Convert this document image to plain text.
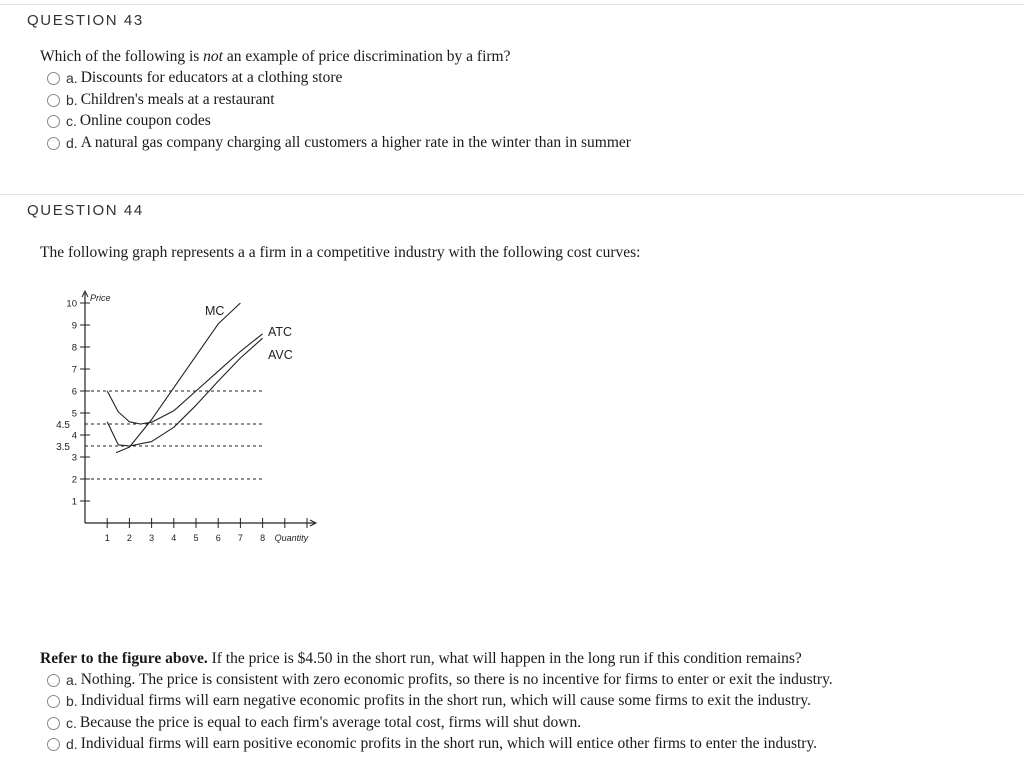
QUESTION 43
Which of the following is not an example of price discrimination by a firm?
a. Discounts for educators at a clothing store
b. Children's meals at a restaurant
c. Online coupon codes
d. A natural gas company charging all customers a higher rate in the winter than in summer
QUESTION 44
The following graph represents a a firm in a competitive industry with the following cost curves:
1
2
3
4
5
6
7
8
9
10
4.5
3.5
1 2 3 4 5 6 7 8
Price
Quantity
MC
ATC
AVC
Refer to the figure above. If the price is $4.50 in the short run, what will happen in the long run if this condition remains?
a. Nothing. The price is consistent with zero economic profits, so there is no incentive for firms to enter or exit the industry.
b. Individual firms will earn negative economic profits in the short run, which will cause some firms to exit the industry.
c. Because the price is equal to each firm's average total cost, firms will shut down.
d. Individual firms will earn positive economic profits in the short run, which will entice other firms to enter the industry.
